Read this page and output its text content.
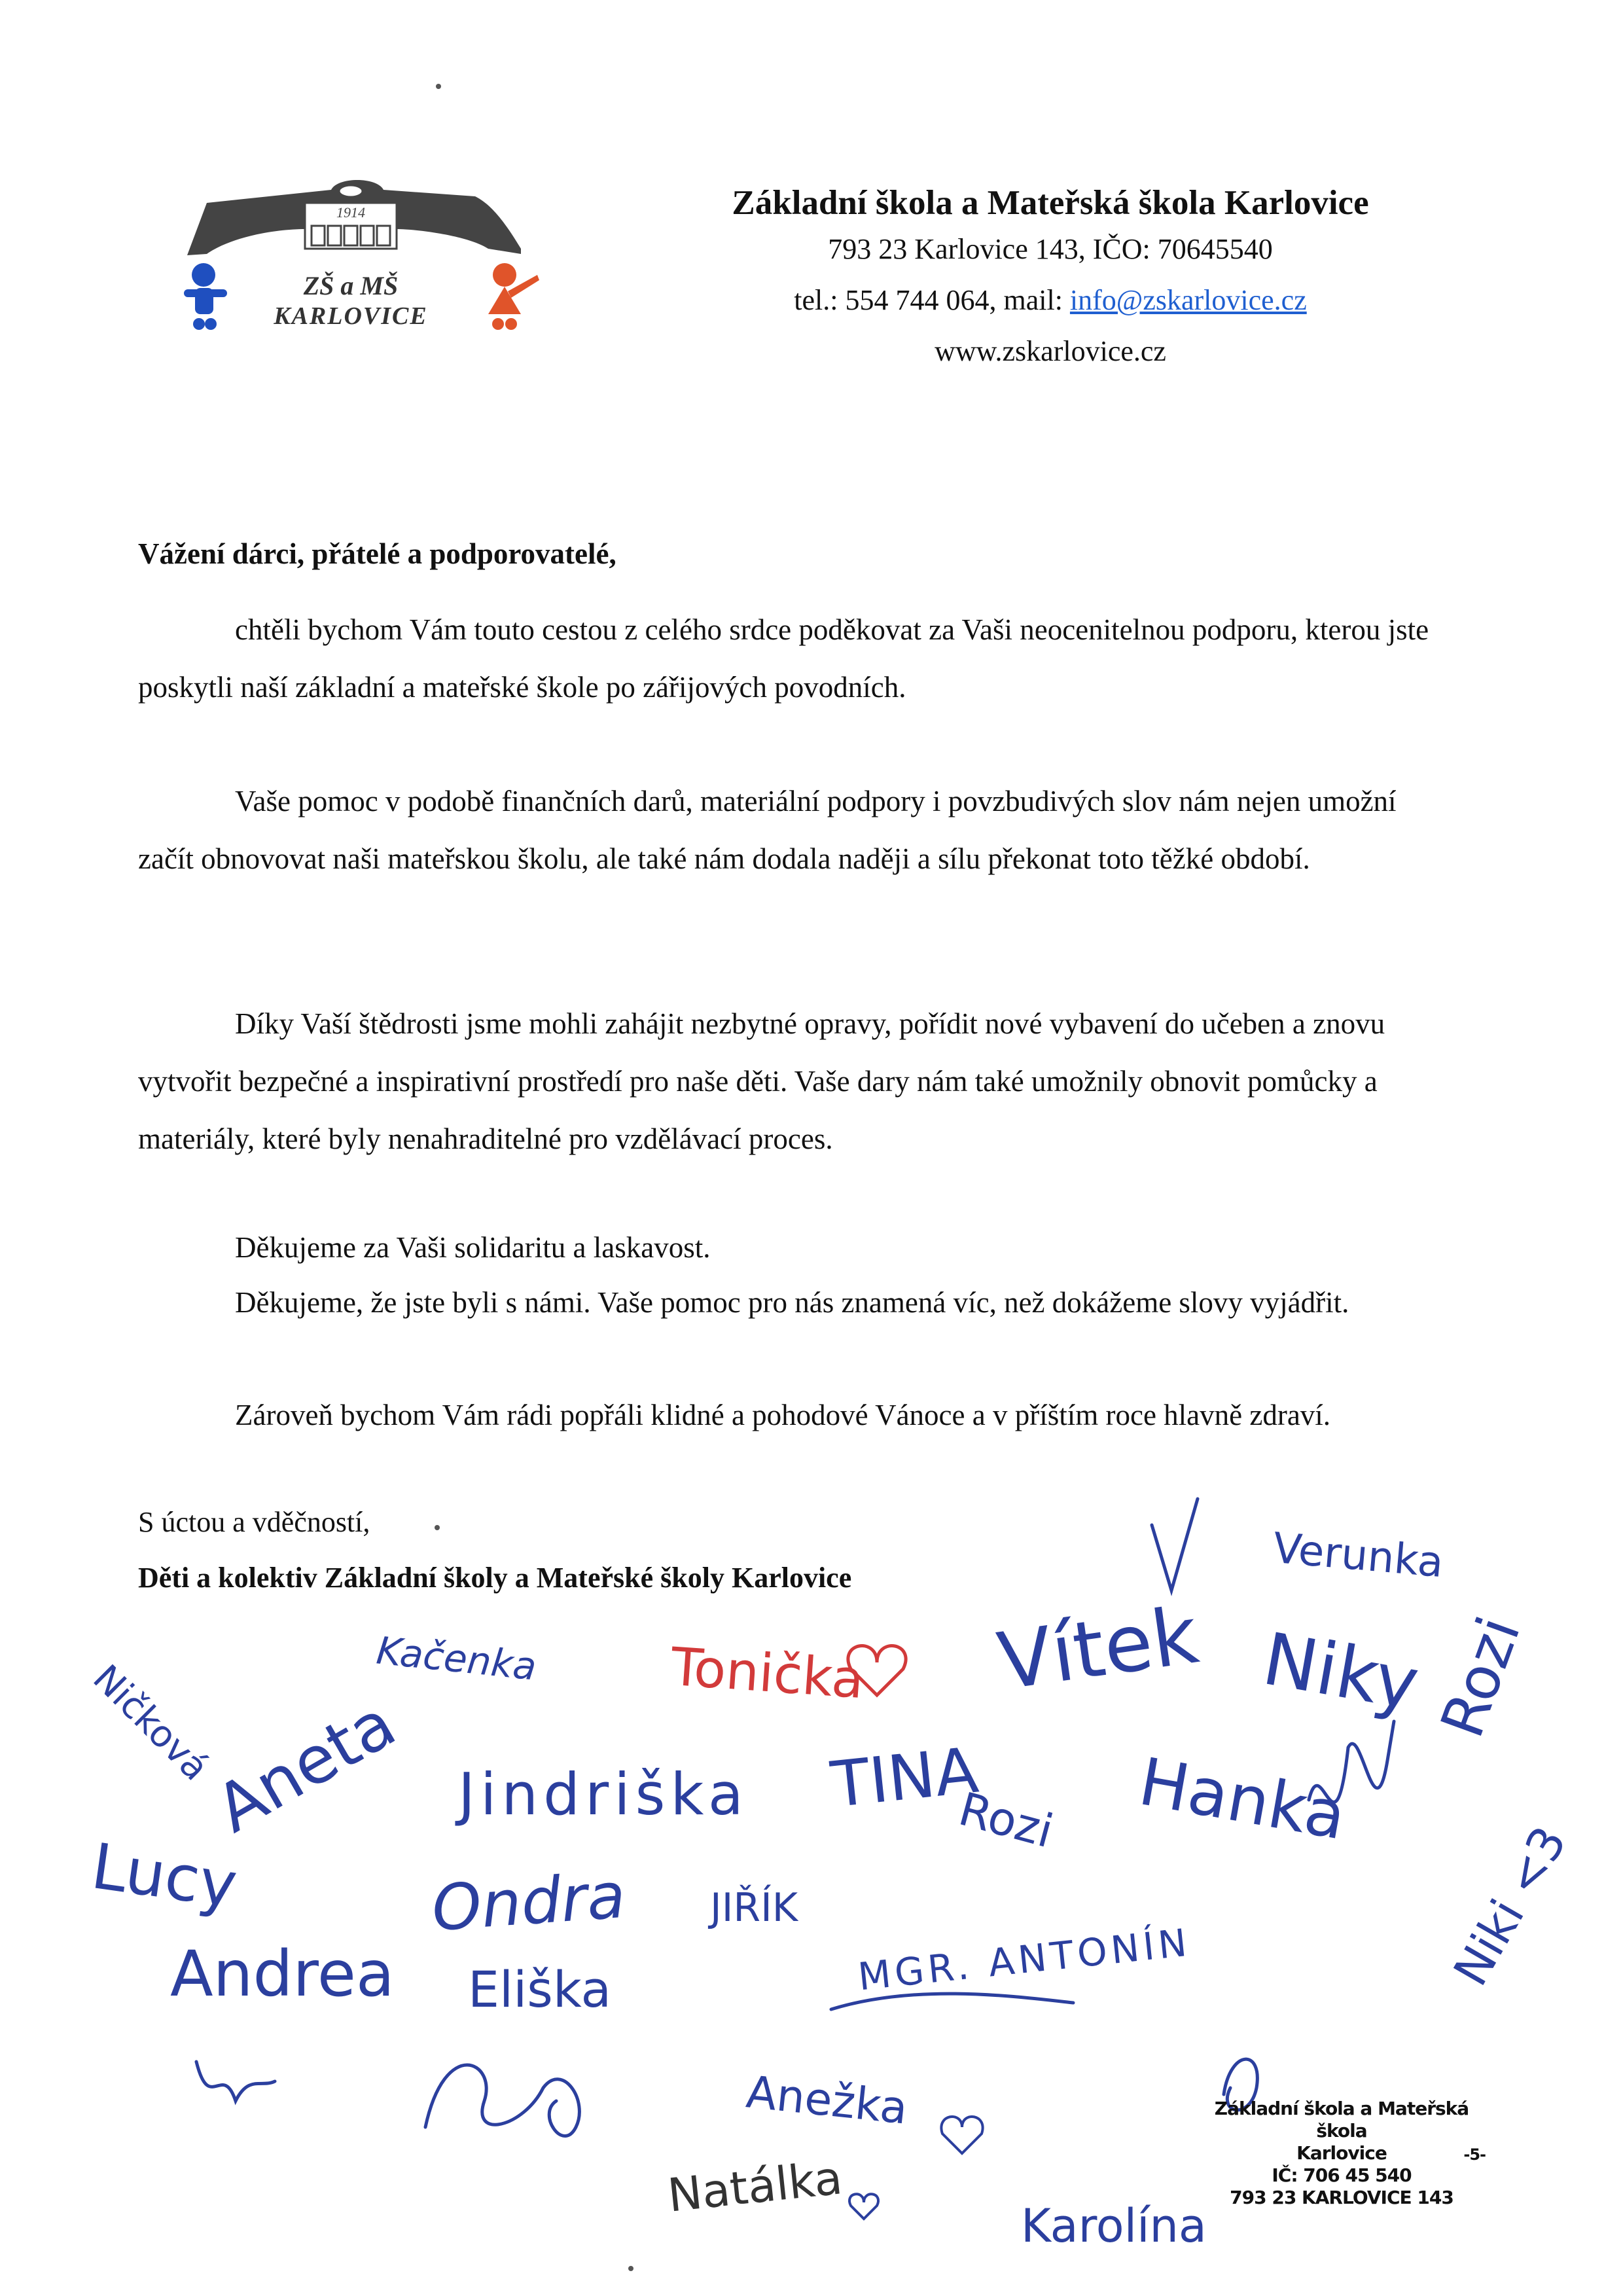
1914
ZŠ a MŠ
KARLOVICE
Základní škola a Mateřská škola Karlovice
793 23 Karlovice 143, IČO: 70645540
tel.: 554 744 064, mail: info@zskarlovice.cz
www.zskarlovice.cz
Vážení dárci, přátelé a podporovatelé,

chtěli bychom Vám touto cestou z celého srdce poděkovat za Vaši neocenitelnou podporu, kterou jste poskytli naší základní a mateřské škole po zářijových povodních.

Vaše pomoc v podobě finančních darů, materiální podpory i povzbudivých slov nám nejen umožní začít obnovovat naši mateřskou školu, ale také nám dodala naději a sílu překonat toto těžké období.

Díky Vaší štědrosti jsme mohli zahájit nezbytné opravy, pořídit nové vybavení do učeben a znovu vytvořit bezpečné a inspirativní prostředí pro naše děti. Vaše dary nám také umožnily obnovit pomůcky a materiály, které byly nenahraditelné pro vzdělávací proces.

Děkujeme za Vaši solidaritu a laskavost.

Děkujeme, že jste byli s námi. Vaše pomoc pro nás znamená víc, než dokážeme slovy vyjádřit.

Zároveň bychom Vám rádi popřáli klidné a pohodové Vánoce a v příštím roce hlavně zdraví.

S úctou a vděčností,
Děti a kolektiv Základní školy a Mateřské školy Karlovice	Verunka
Vítek Niky Rozi
Hanka
Tonička
Kačenka
Ničková
Aneta Jindriška TINA
Rozi
Lucy	Ondra JIŘÍK	Niki <3
Andrea Eliška	MGR. ANTONÍN
Anežka
Natálka
Karolína
Základní škola a Mateřská škola
Karlovice
IČ: 706 45 540
793 23 KARLOVICE 143
-5-
